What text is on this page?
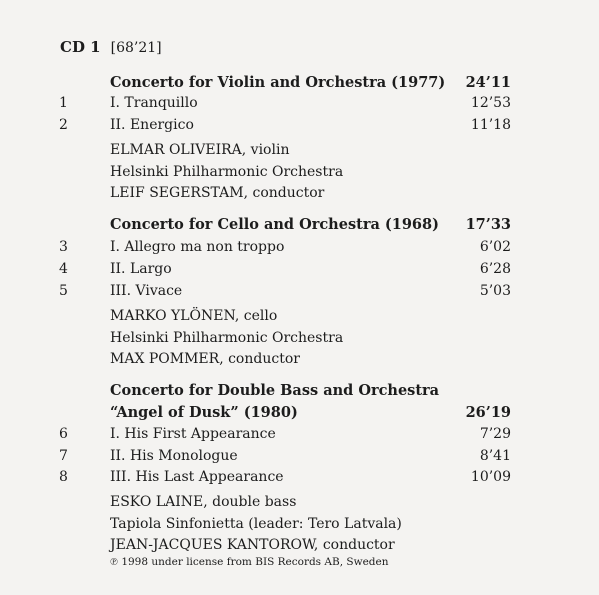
CD 1 [68’21]
Concerto for Violin and Orchestra (1977) 24’11
1	I. Tranquillo	12’53
2	II. Energico	11’18
ELMAR OLIVEIRA, violin
Helsinki Philharmonic Orchestra
LEIF SEGERSTAM, conductor
Concerto for Cello and Orchestra (1968) 17’33
3	I. Allegro ma non troppo	6’02
4	II. Largo	6’28
5	III. Vivace	5’03
MARKO YLÖNEN, cello
Helsinki Philharmonic Orchestra
MAX POMMER, conductor
Concerto for Double Bass and Orchestra
“Angel of Dusk” (1980)	26’19
6	I. His First Appearance	7’29
7	II. His Monologue	8’41
8	III. His Last Appearance	10’09
ESKO LAINE, double bass
Tapiola Sinfonietta (leader: Tero Latvala)
JEAN-JACQUES KANTOROW, conductor
℗ 1998 under license from BIS Records AB, Sweden
